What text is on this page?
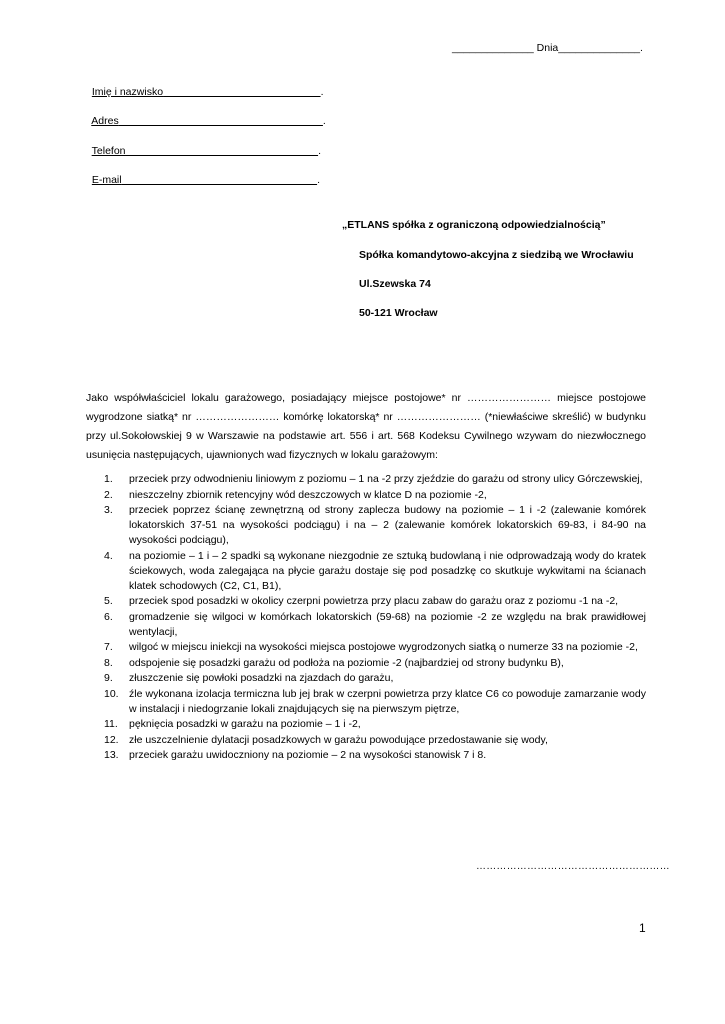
______________ Dnia______________.

Imię i nazwisko	.

Adres	.

Telefon	.

E-mail	.

„ETLANS spółka z ograniczoną odpowiedzialnością”
Spółka komandytowo-akcyjna z siedzibą we Wrocławiu
Ul.Szewska 74
50-121 Wrocław

Jako współwłaściciel lokalu garażowego, posiadający miejsce postojowe* nr …………………… miejsce postojowe wygrodzone siatką* nr …………………… komórkę lokatorską* nr …………………… (*niewłaściwe skreślić) w budynku przy ul.Sokołowskiej 9 w Warszawie na podstawie art. 556 i art. 568 Kodeksu Cywilnego wzywam do niezwłocznego usunięcia następujących, ujawnionych wad fizycznych w lokalu garażowym:

1.	przeciek przy odwodnieniu liniowym z poziomu – 1 na -2 przy zjeździe do garażu od strony ulicy Górczewskiej,
2.	nieszczelny zbiornik retencyjny wód deszczowych w klatce D na poziomie -2,
3.	przeciek poprzez ścianę zewnętrzną od strony zaplecza budowy na poziomie – 1 i -2 (zalewanie komórek lokatorskich 37-51 na wysokości podciągu) i na – 2 (zalewanie komórek lokatorskich 69-83, i 84-90 na wysokości podciągu),
4.	na poziomie – 1 i – 2 spadki są wykonane niezgodnie ze sztuką budowlaną i nie odprowadzają wody do kratek ściekowych, woda zalegająca na płycie garażu dostaje się pod posadzkę co skutkuje wykwitami na ścianach klatek schodowych (C2, C1, B1),
5.	przeciek spod posadzki w okolicy czerpni powietrza przy placu zabaw do garażu oraz z poziomu -1 na -2,
6.	gromadzenie się wilgoci w komórkach lokatorskich (59-68) na poziomie -2 ze względu na brak prawidłowej wentylacji,
7.	wilgoć w miejscu iniekcji na wysokości miejsca postojowe wygrodzonych siatką o numerze 33 na poziomie -2,
8.	odspojenie się posadzki garażu od podłoża na poziomie -2 (najbardziej od strony budynku B),
9.	złuszczenie się powłoki posadzki na zjazdach do garażu,
10. źle wykonana izolacja termiczna lub jej brak w czerpni powietrza przy klatce C6 co powoduje zamarzanie wody w instalacji i niedogrzanie lokali znajdujących się na pierwszym piętrze,
11.	pęknięcia posadzki w garażu na poziomie – 1 i -2,
12. złe uszczelnienie dylatacji posadzkowych w garażu powodujące przedostawanie się wody,
13. przeciek garażu uwidoczniony na poziomie – 2 na wysokości stanowisk 7 i 8.
…………………………………………………
1
